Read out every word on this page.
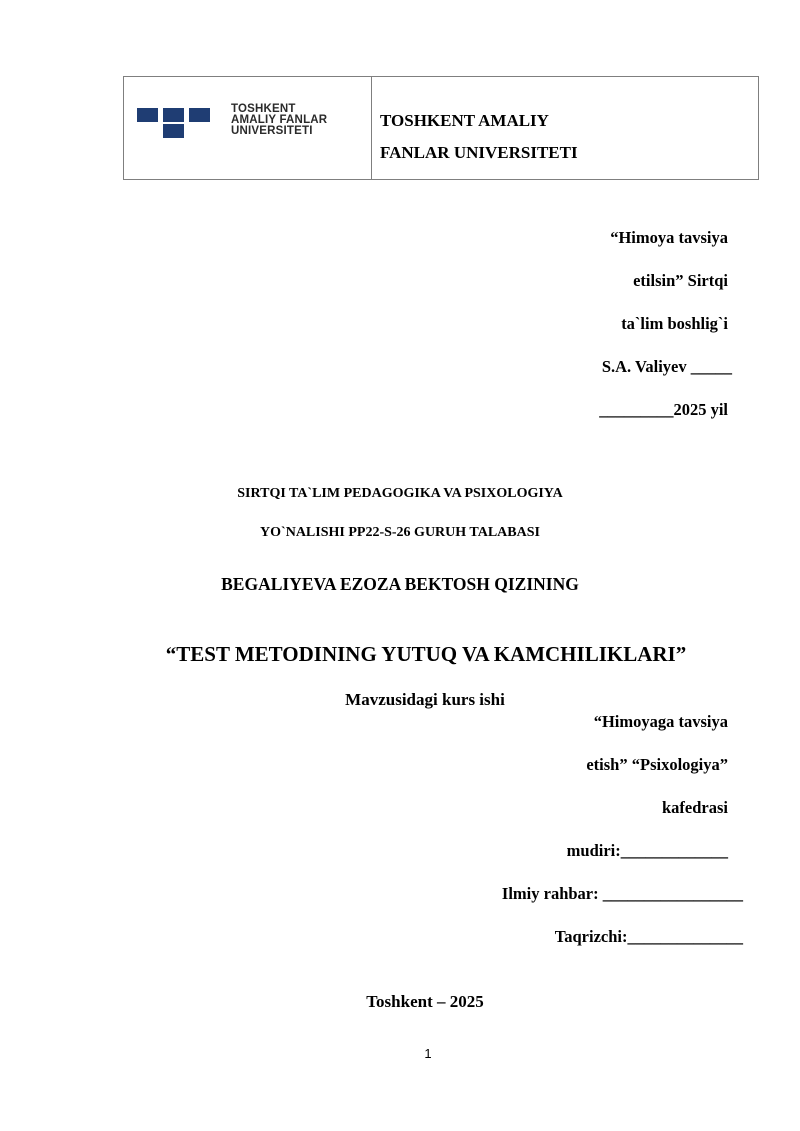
TOSHKENT
AMALIY FANLAR
UNIVERSITETI
TOSHKENT AMALIY
FANLAR UNIVERSITETI
“Himoya tavsiya
etilsin” Sirtqi
ta`lim boshlig`i
S.A. Valiyev _____
_________2025 yil
SIRTQI TA`LIM PEDAGOGIKA VA PSIXOLOGIYA
YO`NALISHI PP22-S-26 GURUH TALABASI
BEGALIYEVA EZOZA BEKTOSH QIZINING
“TEST METODINING YUTUQ VA KAMCHILIKLARI”
Mavzusidagi kurs ishi
“Himoyaga tavsiya
etish” “Psixologiya”
kafedrasi
mudiri:_____________
Ilmiy rahbar: _________________
Taqrizchi:______________
Toshkent – 2025
1
